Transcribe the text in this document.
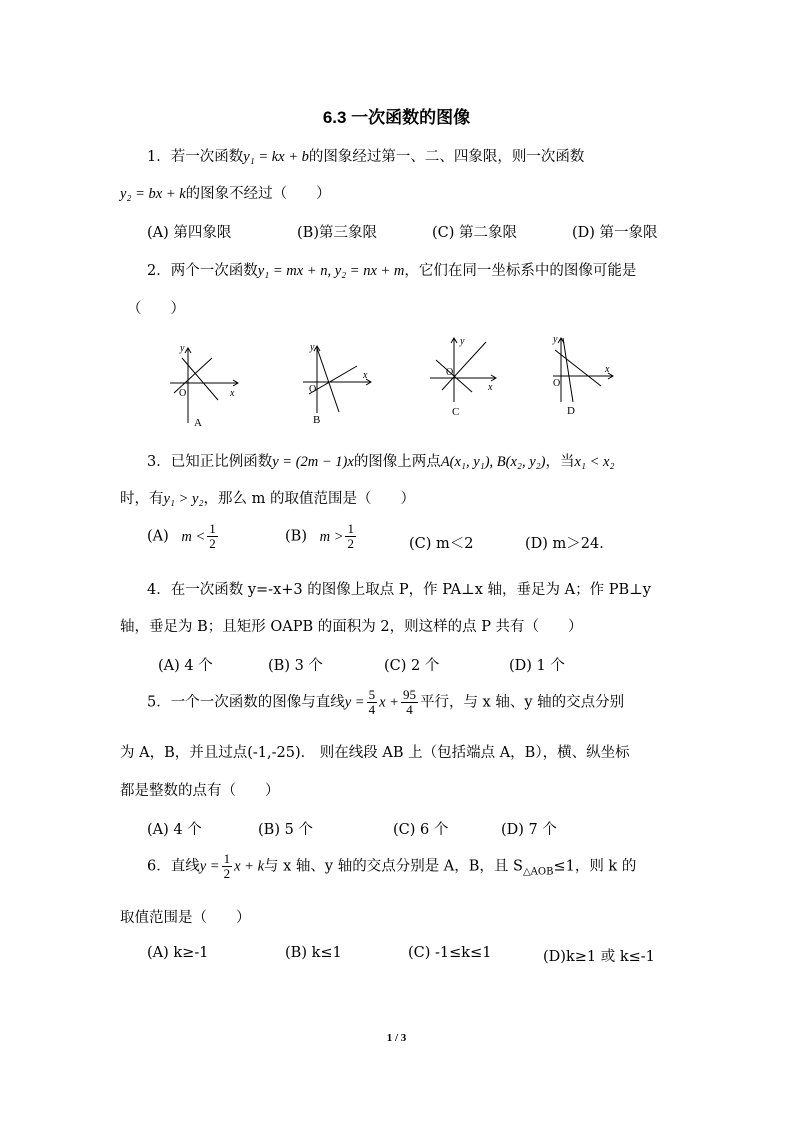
6.3 一次函数的图像
1．若一次函数y₁ = kx + b的图象经过第一、二、四象限，则一次函数
y₂ = bx + k的图象不经过（　　）
(A) 第四象限	(B)第三象限	(C) 第二象限	(D) 第一象限
2．两个一次函数y₁ = mx + n, y₂ = nx + m，它们在同一坐标系中的图像可能是
（　　）
y
x
O
A
y
x
O
B
y
x
O
C
y
x
O
D
3．已知正比例函数y = (2m − 1)x的图像上两点A(x₁, y₁), B(x₂, y₂)，当x₁ < x₂
时，有y₁ > y₂，那么 m 的取值范围是（　　）
(A) $m < \frac{1}{2}$	(B) $m > \frac{1}{2}$	(C) m＜2	(D) m＞24．
4．在一次函数 y=-x+3 的图像上取点 P，作 PA⊥x 轴，垂足为 A；作 PB⊥y
轴，垂足为 B；且矩形 OAPB 的面积为 2，则这样的点 P 共有（　　）
(A) 4 个	(B) 3 个	(C) 2 个	(D) 1 个
5．一个一次函数的图像与直线$y = \frac{5}{4}$ $x + \frac{95}{4}$ 平行，与 x 轴、y 轴的交点分别
为 A，B，并且过点(-1,-25)． 则在线段 AB 上（包括端点 A，B），横、纵坐标
都是整数的点有（　　）
(A) 4 个	(B) 5 个	(C) 6 个	(D) 7 个
6．直线$y = \frac{1}{2}$ x + k与 x 轴、y 轴的交点分别是 A，B，且 $S_{\triangle AOB}\le 1$，则 k 的
取值范围是（　　）
(A) k≥-1	(B) k≤1	(C) -1≤k≤1	(D)k≥1 或 k≤-1
1 / 3
